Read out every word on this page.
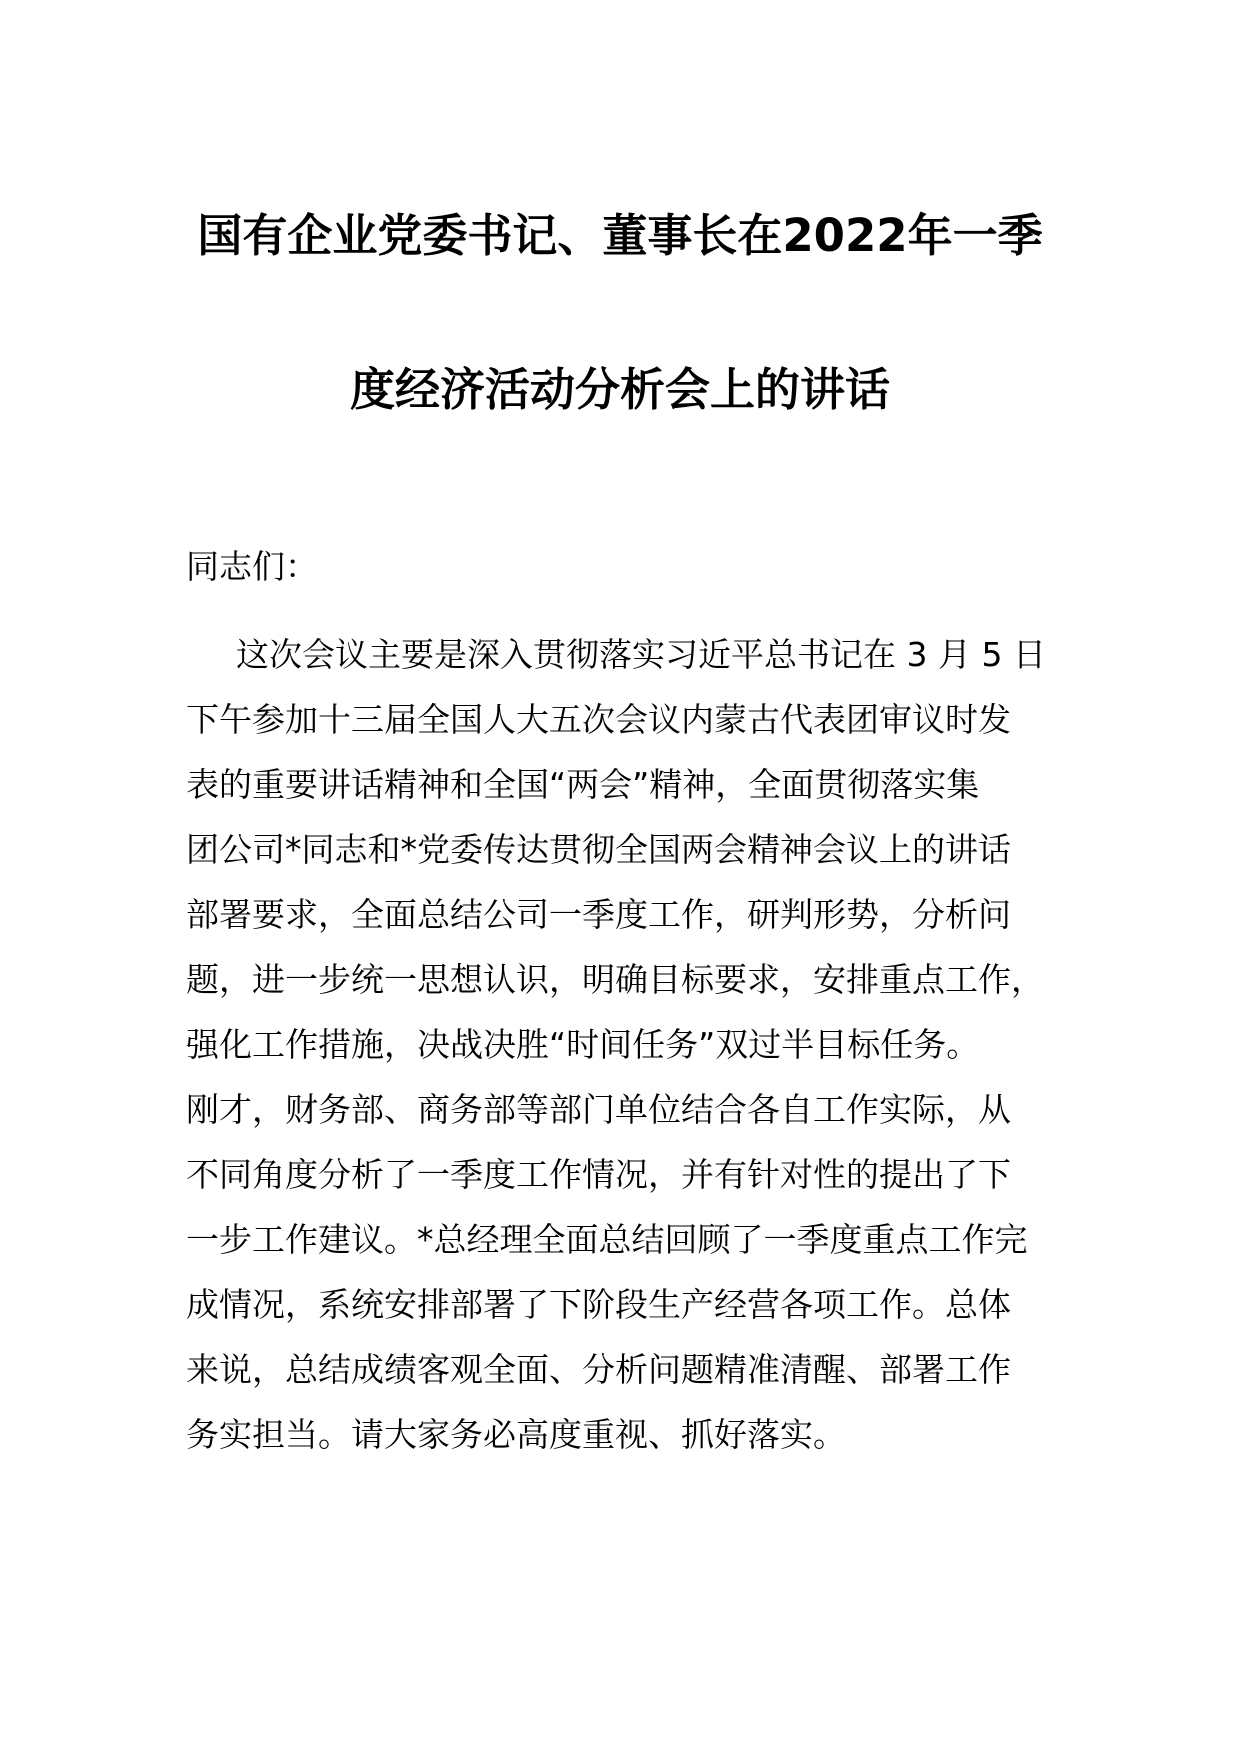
国有企业党委书记、董事长在2022年一季
度经济活动分析会上的讲话
同志们：
这次会议主要是深入贯彻落实习近平总书记在 3 月 5 日
下午参加十三届全国人大五次会议内蒙古代表团审议时发
表的重要讲话精神和全国“两会”精神，全面贯彻落实集
团公司*同志和*党委传达贯彻全国两会精神会议上的讲话
部署要求，全面总结公司一季度工作，研判形势，分析问
题，进一步统一思想认识，明确目标要求，安排重点工作，
强化工作措施，决战决胜“时间任务”双过半目标任务。
刚才，财务部、商务部等部门单位结合各自工作实际，从
不同角度分析了一季度工作情况，并有针对性的提出了下
一步工作建议。*总经理全面总结回顾了一季度重点工作完
成情况，系统安排部署了下阶段生产经营各项工作。总体
来说，总结成绩客观全面、分析问题精准清醒、部署工作
务实担当。请大家务必高度重视、抓好落实。
